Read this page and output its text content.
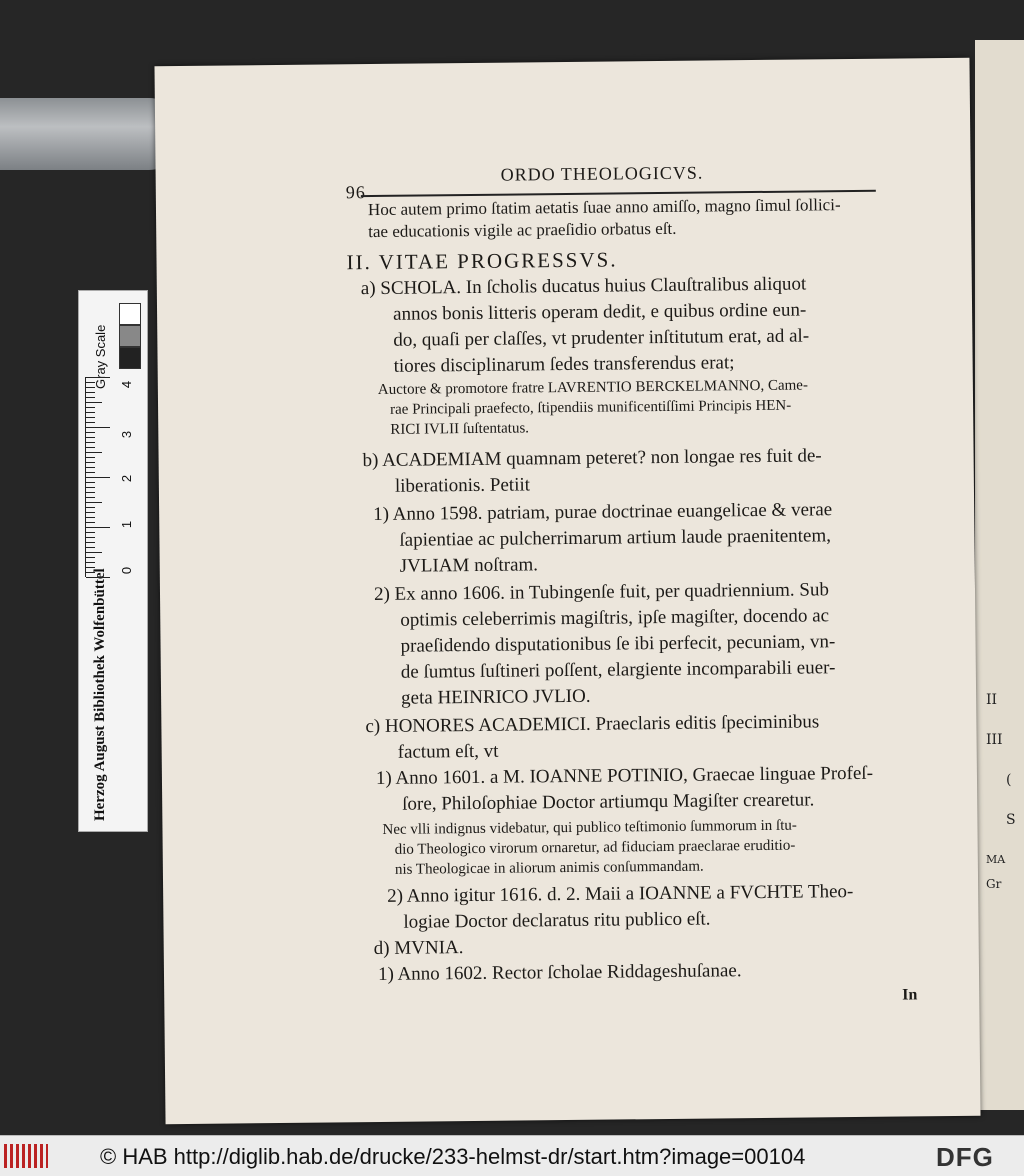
II
III
(
S
MA
Gr
96
ORDO THEOLOGICVS.
Hoc autem primo ſtatim aetatis ſuae anno amiſſo, magno ſimul ſollici-
tae educationis vigile ac praeſidio orbatus eſt.
II. VITAE PROGRESSVS.
a) SCHOLA. In ſcholis ducatus huius Clauſtralibus aliquot
annos bonis litteris operam dedit, e quibus ordine eun-
do, quaſi per claſſes, vt prudenter inſtitutum erat, ad al-
tiores disciplinarum ſedes transferendus erat;
Auctore & promotore fratre LAVRENTIO BERCKELMANNO, Came-
rae Principali praefecto, ſtipendiis munificentiſſimi Principis HEN-
RICI IVLII ſuſtentatus.
b) ACADEMIAM quamnam peteret? non longae res fuit de-
liberationis. Petiit
1) Anno 1598. patriam, purae doctrinae euangelicae & verae
ſapientiae ac pulcherrimarum artium laude praenitentem,
JVLIAM noſtram.
2) Ex anno 1606. in Tubingenſe fuit, per quadriennium. Sub
optimis celeberrimis magiſtris, ipſe magiſter, docendo ac
praeſidendo disputationibus ſe ibi perfecit, pecuniam, vn-
de ſumtus ſuſtineri poſſent, elargiente incomparabili euer-
geta HEINRICO JVLIO.
c) HONORES ACADEMICI. Praeclaris editis ſpeciminibus
factum eſt, vt
1) Anno 1601. a M. IOANNE POTINIO, Graecae linguae Profeſ-
ſore, Philoſophiae Doctor artiumqu Magiſter crearetur.
Nec vlli indignus videbatur, qui publico teſtimonio ſummorum in ſtu-
dio Theologico virorum ornaretur, ad fiduciam praeclarae eruditio-
nis Theologicae in aliorum animis conſummandam.
2) Anno igitur 1616. d. 2. Maii a IOANNE a FVCHTE Theo-
logiae Doctor declaratus ritu publico eſt.
d) MVNIA.
1) Anno 1602. Rector ſcholae Riddageshuſanae.
In
Herzog August Bibliothek Wolfenbüttel
Gray Scale 4
3
2
1
0
© HAB http://diglib.hab.de/drucke/233-helmst-dr/start.htm?image=00104	DFG
